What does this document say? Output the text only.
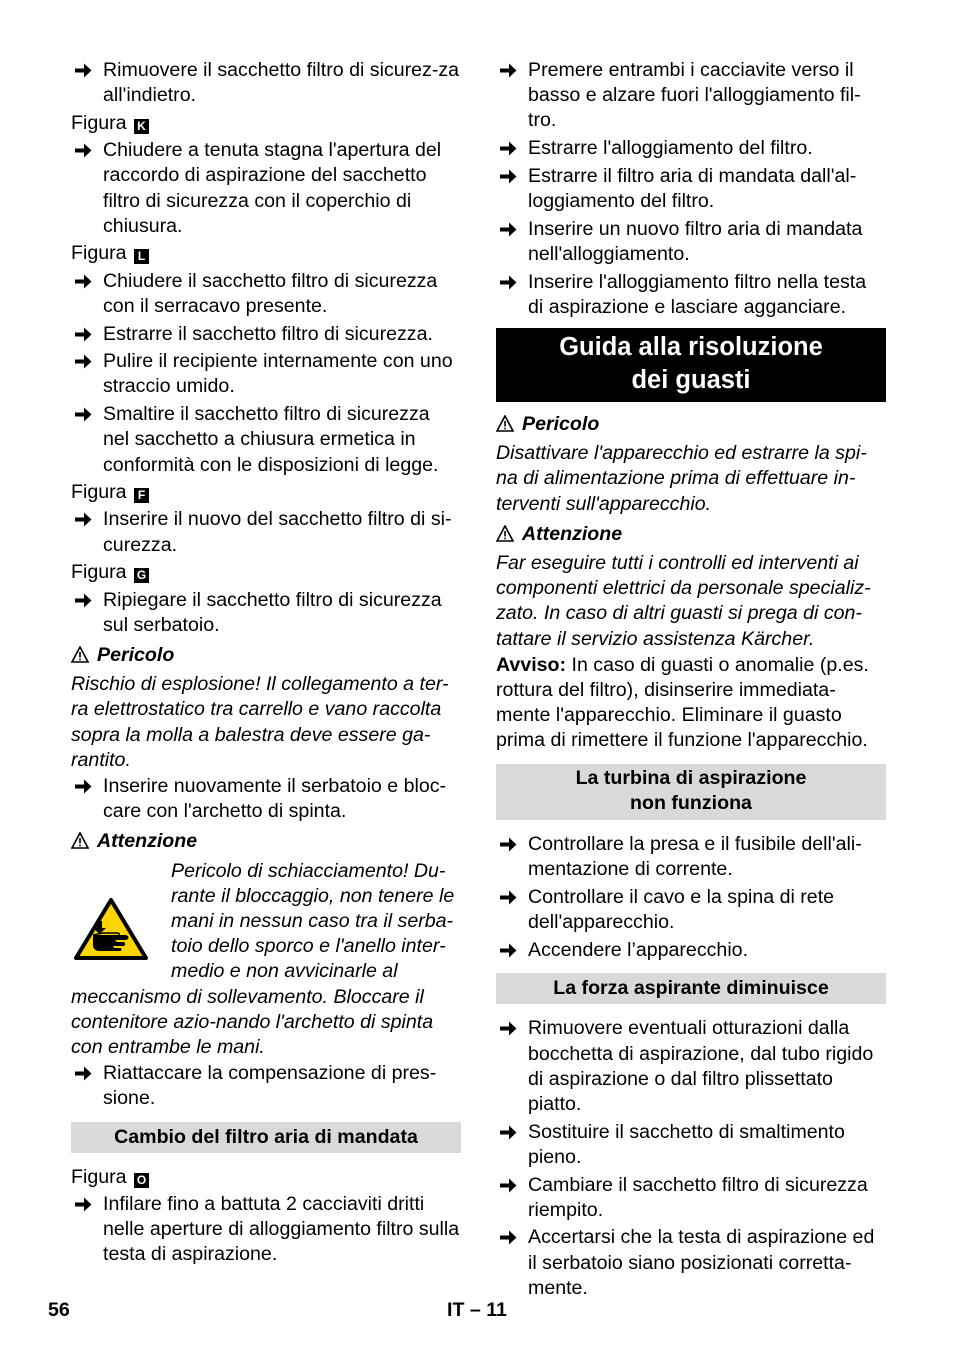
Rimuovere il sacchetto filtro di sicurez-za all'indietro.
Figura K
Chiudere a tenuta stagna l'apertura del raccordo di aspirazione del sacchetto filtro di sicurezza con il coperchio di chiusura.
Figura L
Chiudere il sacchetto filtro di sicurezza con il serracavo presente.
Estrarre il sacchetto filtro di sicurezza.
Pulire il recipiente internamente con uno straccio umido.
Smaltire il sacchetto filtro di sicurezza nel sacchetto a chiusura ermetica in conformità con le disposizioni di legge.
Figura F
Inserire il nuovo del sacchetto filtro di si-curezza.
Figura G
Ripiegare il sacchetto filtro di sicurezza sul serbatoio.
Pericolo
Rischio di esplosione! Il collegamento a ter-ra elettrostatico tra carrello e vano raccolta sopra la molla a balestra deve essere ga-rantito.
Inserire nuovamente il serbatoio e bloc-care con l'archetto di spinta.
Attenzione
Pericolo di schiacciamento! Du-rante il bloccaggio, non tenere le mani in nessun caso tra il serba-toio dello sporco e l'anello inter-medio e non avvicinarle al meccanismo di sollevamento. Bloccare il contenitore azio-nando l'archetto di spinta con entrambe le mani.
Riattaccare la compensazione di pres-sione.
Cambio del filtro aria di mandata
Figura O
Infilare fino a battuta 2 cacciaviti dritti nelle aperture di alloggiamento filtro sulla testa di aspirazione.
Premere entrambi i cacciavite verso il basso e alzare fuori l'alloggiamento fil-tro.
Estrarre l'alloggiamento del filtro.
Estrarre il filtro aria di mandata dall'al-loggiamento del filtro.
Inserire un nuovo filtro aria di mandata nell'alloggiamento.
Inserire l'alloggiamento filtro nella testa di aspirazione e lasciare agganciare.
Guida alla risoluzione
dei guasti
Pericolo
Disattivare l'apparecchio ed estrarre la spi-na di alimentazione prima di effettuare in-terventi sull'apparecchio.
Attenzione
Far eseguire tutti i controlli ed interventi ai componenti elettrici da personale specializ-zato. In caso di altri guasti si prega di con-tattare il servizio assistenza Kärcher.
Avviso: In caso di guasti o anomalie (p.es. rottura del filtro), disinserire immediata-mente l'apparecchio. Eliminare il guasto prima di rimettere il funzione l'apparecchio.
La turbina di aspirazione
non funziona
Controllare la presa e il fusibile dell'ali-mentazione di corrente.
Controllare il cavo e la spina di rete dell'apparecchio.
Accendere l’apparecchio.
La forza aspirante diminuisce
Rimuovere eventuali otturazioni dalla bocchetta di aspirazione, dal tubo rigido di aspirazione o dal filtro plissettato piatto.
Sostituire il sacchetto di smaltimento pieno.
Cambiare il sacchetto filtro di sicurezza riempito.
Accertarsi che la testa di aspirazione ed il serbatoio siano posizionati corretta-mente.
56	IT – 11
